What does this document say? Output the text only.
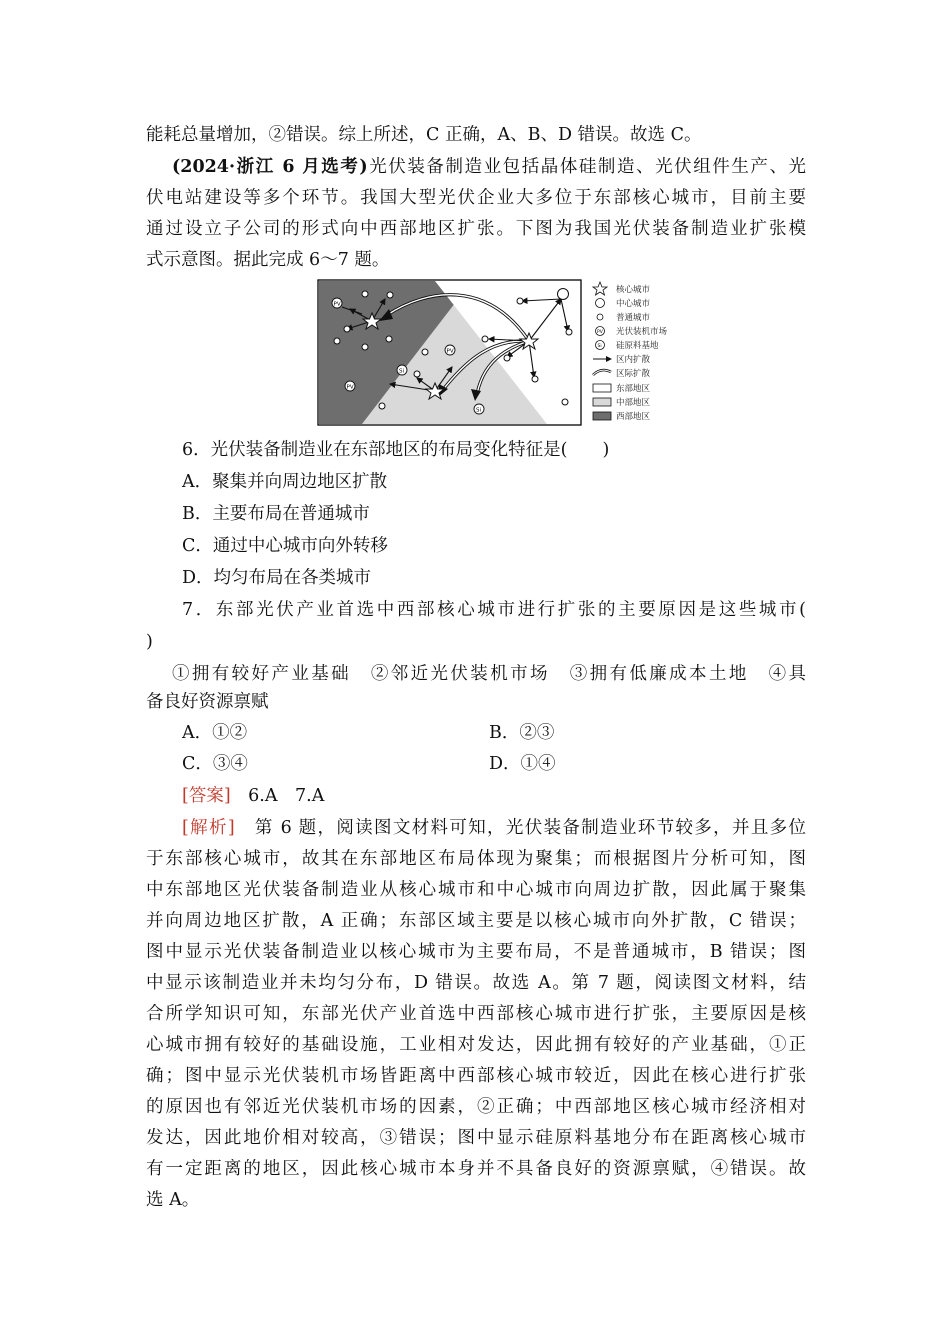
能耗总量增加，②错误。综上所述，C 正确，A、B、D 错误。故选 C。
(2024·浙江 6 月选考)光伏装备制造业包括晶体硅制造、光伏组件生产、光
伏电站建设等多个环节。我国大型光伏企业大多位于东部核心城市，目前主要
通过设立子公司的形式向中西部地区扩张。下图为我国光伏装备制造业扩张模
式示意图。据此完成 6～7 题。
PV
PV
PV
Si
Si
核心城市
中心城市
普通城市
PV 光伏装机市场
Si 硅原料基地
区内扩散
区际扩散
东部地区
中部地区
西部地区
6．光伏装备制造业在东部地区的布局变化特征是(　　)
A．聚集并向周边地区扩散
B．主要布局在普通城市
C．通过中心城市向外转移
D．均匀布局在各类城市
7．东部光伏产业首选中西部核心城市进行扩张的主要原因是这些城市(
)
①拥有较好产业基础　②邻近光伏装机市场　③拥有低廉成本土地　④具
备良好资源禀赋
A．①②	B．②③
C．③④	D．①④
[答案]　 6.A　7.A
[解析]　 第 6 题，阅读图文材料可知，光伏装备制造业环节较多，并且多位
于东部核心城市，故其在东部地区布局体现为聚集；而根据图片分析可知，图
中东部地区光伏装备制造业从核心城市和中心城市向周边扩散，因此属于聚集
并向周边地区扩散，A 正确；东部区域主要是以核心城市向外扩散，C 错误；
图中显示光伏装备制造业以核心城市为主要布局，不是普通城市，B 错误；图
中显示该制造业并未均匀分布，D 错误。故选 A。第 7 题，阅读图文材料，结
合所学知识可知，东部光伏产业首选中西部核心城市进行扩张，主要原因是核
心城市拥有较好的基础设施，工业相对发达，因此拥有较好的产业基础，①正
确；图中显示光伏装机市场皆距离中西部核心城市较近，因此在核心进行扩张
的原因也有邻近光伏装机市场的因素，②正确；中西部地区核心城市经济相对
发达，因此地价相对较高，③错误；图中显示硅原料基地分布在距离核心城市
有一定距离的地区，因此核心城市本身并不具备良好的资源禀赋，④错误。故
选 A。
